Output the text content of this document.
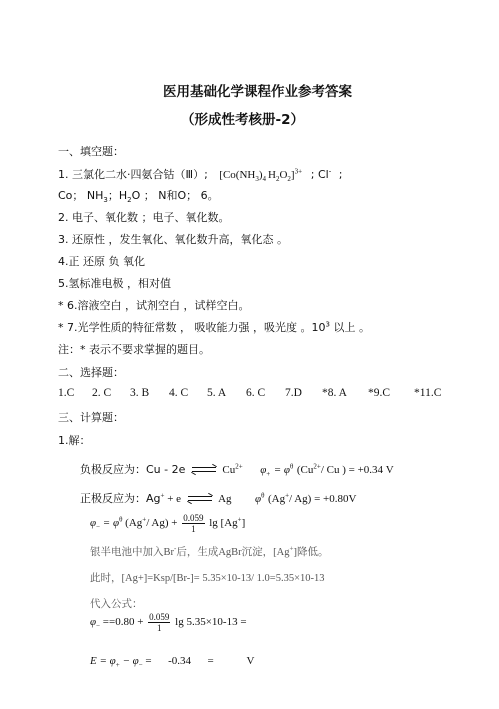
医用基础化学课程作业参考答案
（形成性考核册-2）
一、填空题：
1. 三氯化二水·四氨合钴（Ⅲ）; [$Co(NH_3)_4$ $H_2O_2]^{3+}$ ; Cl- ;
Co； $NH_3$；$H_2O$ ； N和O； 6。
2. 电子、氧化数 ；电子、氧化数。
3. 还原性 ，发生氧化、氧化数升高，氧化态 。
4.正 还原 负 氧化
5.氢标准电极 ，相对值
* 6.溶液空白 ，试剂空白 ，试样空白。
* 7.光学性质的特征常数 ， 吸收能力强 ，吸光度 。$10^3$ 以上 。
注：* 表示不要求掌握的题目。
二、选择题：
1.C 2. C 3. B 4. C 5. A 6. C 7.D *8. A *9.C *11.C
三、计算题：
1.解：
负极反应为：Cu - 2e	$Cu^{2+}$ $\varphi_+ = \varphi^\theta$ ($Cu^{2+}/$ Cu ) = +0.34 V
正极反应为：Ag+ + e	Ag $\varphi^\theta$ (Ag+/ Ag) = +0.80V
$\varphi_- = \varphi^\theta$ (Ag+/ $Ag) + \frac{0.059}{1}$ lg [Ag+]
银半电池中加入Br-后，生成AgBr沉淀，[Ag+]降低。
此时，[Ag+]=Ksp/[Br-]= 5.35×10-13/ 1.0=5.35×10-13
代入公式：
$\varphi_- ==0.80 + \frac{0.059}{1}$ lg 5.35×10-13 =
$E = \varphi_+ - \varphi_-$ =      -0.34      =	V
